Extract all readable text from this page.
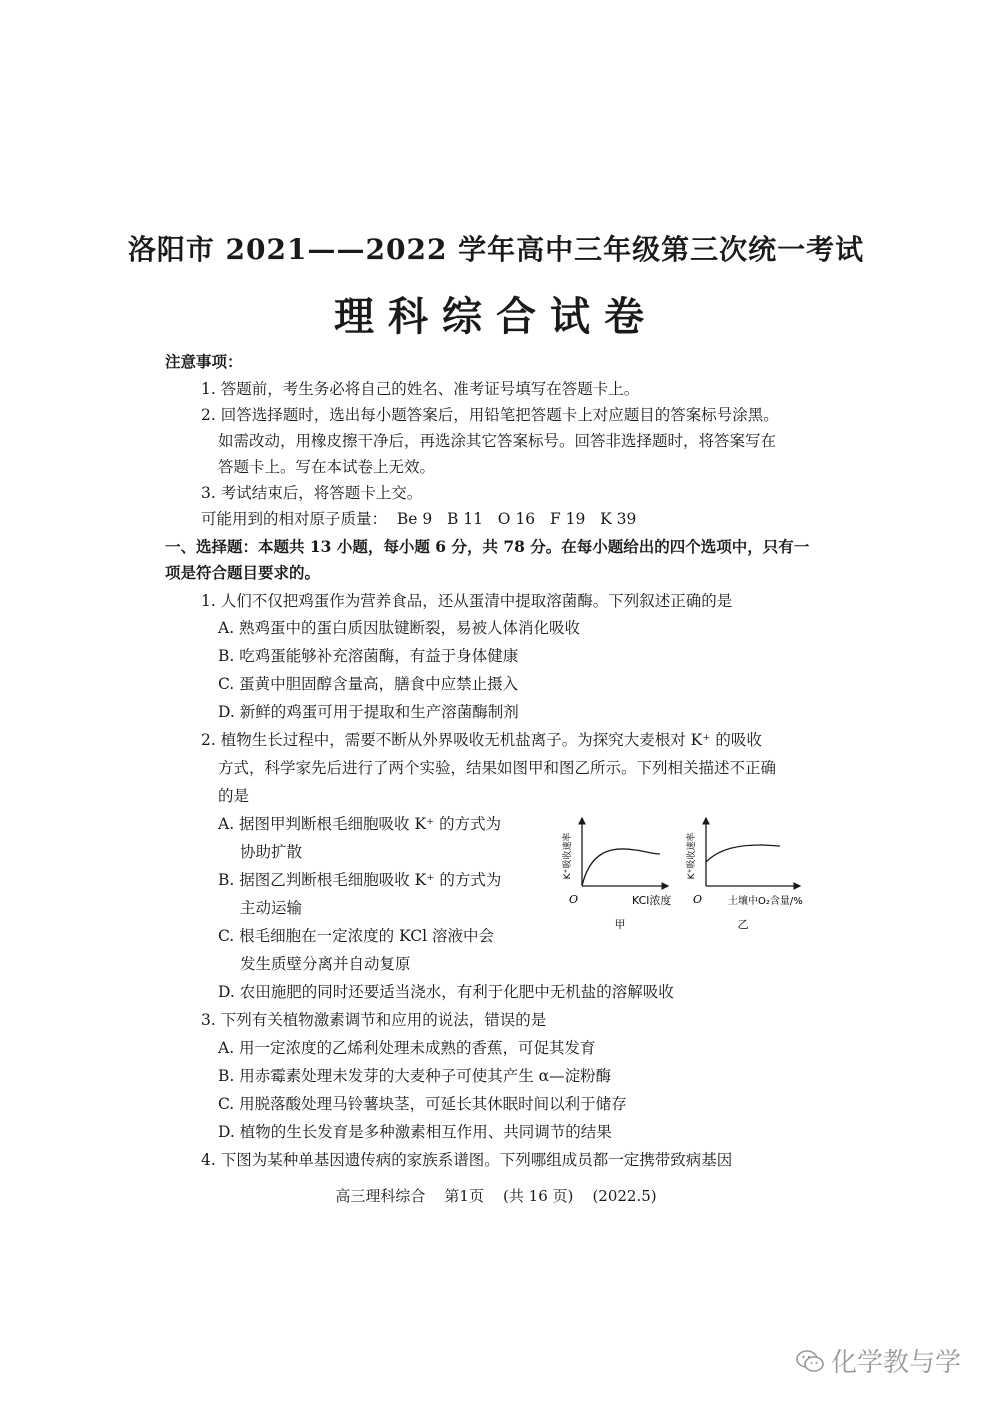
洛阳市 2021——2022 学年高中三年级第三次统一考试
理科综合试卷
注意事项：
1. 答题前，考生务必将自己的姓名、准考证号填写在答题卡上。
2. 回答选择题时，选出每小题答案后，用铅笔把答题卡上对应题目的答案标号涂黑。
如需改动，用橡皮擦干净后，再选涂其它答案标号。回答非选择题时，将答案写在
答题卡上。写在本试卷上无效。
3. 考试结束后，将答题卡上交。
可能用到的相对原子质量：  Be 9   B 11   O 16   F 19   K 39
一、选择题：本题共 13 小题，每小题 6 分，共 78 分。在每小题给出的四个选项中，只有一
项是符合题目要求的。
1. 人们不仅把鸡蛋作为营养食品，还从蛋清中提取溶菌酶。下列叙述正确的是
A. 熟鸡蛋中的蛋白质因肽键断裂，易被人体消化吸收
B. 吃鸡蛋能够补充溶菌酶，有益于身体健康
C. 蛋黄中胆固醇含量高，膳食中应禁止摄入
D. 新鲜的鸡蛋可用于提取和生产溶菌酶制剂
2. 植物生长过程中，需要不断从外界吸收无机盐离子。为探究大麦根对 K⁺ 的吸收
方式，科学家先后进行了两个实验，结果如图甲和图乙所示。下列相关描述不正确
的是
A. 据图甲判断根毛细胞吸收 K⁺ 的方式为
协助扩散
B. 据图乙判断根毛细胞吸收 K⁺ 的方式为
主动运输
C. 根毛细胞在一定浓度的 KCl 溶液中会
发生质壁分离并自动复原
D. 农田施肥的同时还要适当浇水，有利于化肥中无机盐的溶解吸收
K⁺吸收速率
O	KCl浓度
甲
K⁺吸收速率
O	土壤中O₂含量/%
乙
3. 下列有关植物激素调节和应用的说法，错误的是
A. 用一定浓度的乙烯利处理未成熟的香蕉，可促其发育
B. 用赤霉素处理未发芽的大麦种子可使其产生 α—淀粉酶
C. 用脱落酸处理马铃薯块茎，可延长其休眠时间以利于储存
D. 植物的生长发育是多种激素相互作用、共同调节的结果
4. 下图为某种单基因遗传病的家族系谱图。下列哪组成员都一定携带致病基因
高三理科综合    第1页    (共 16 页)    (2022.5)
化学教与学
